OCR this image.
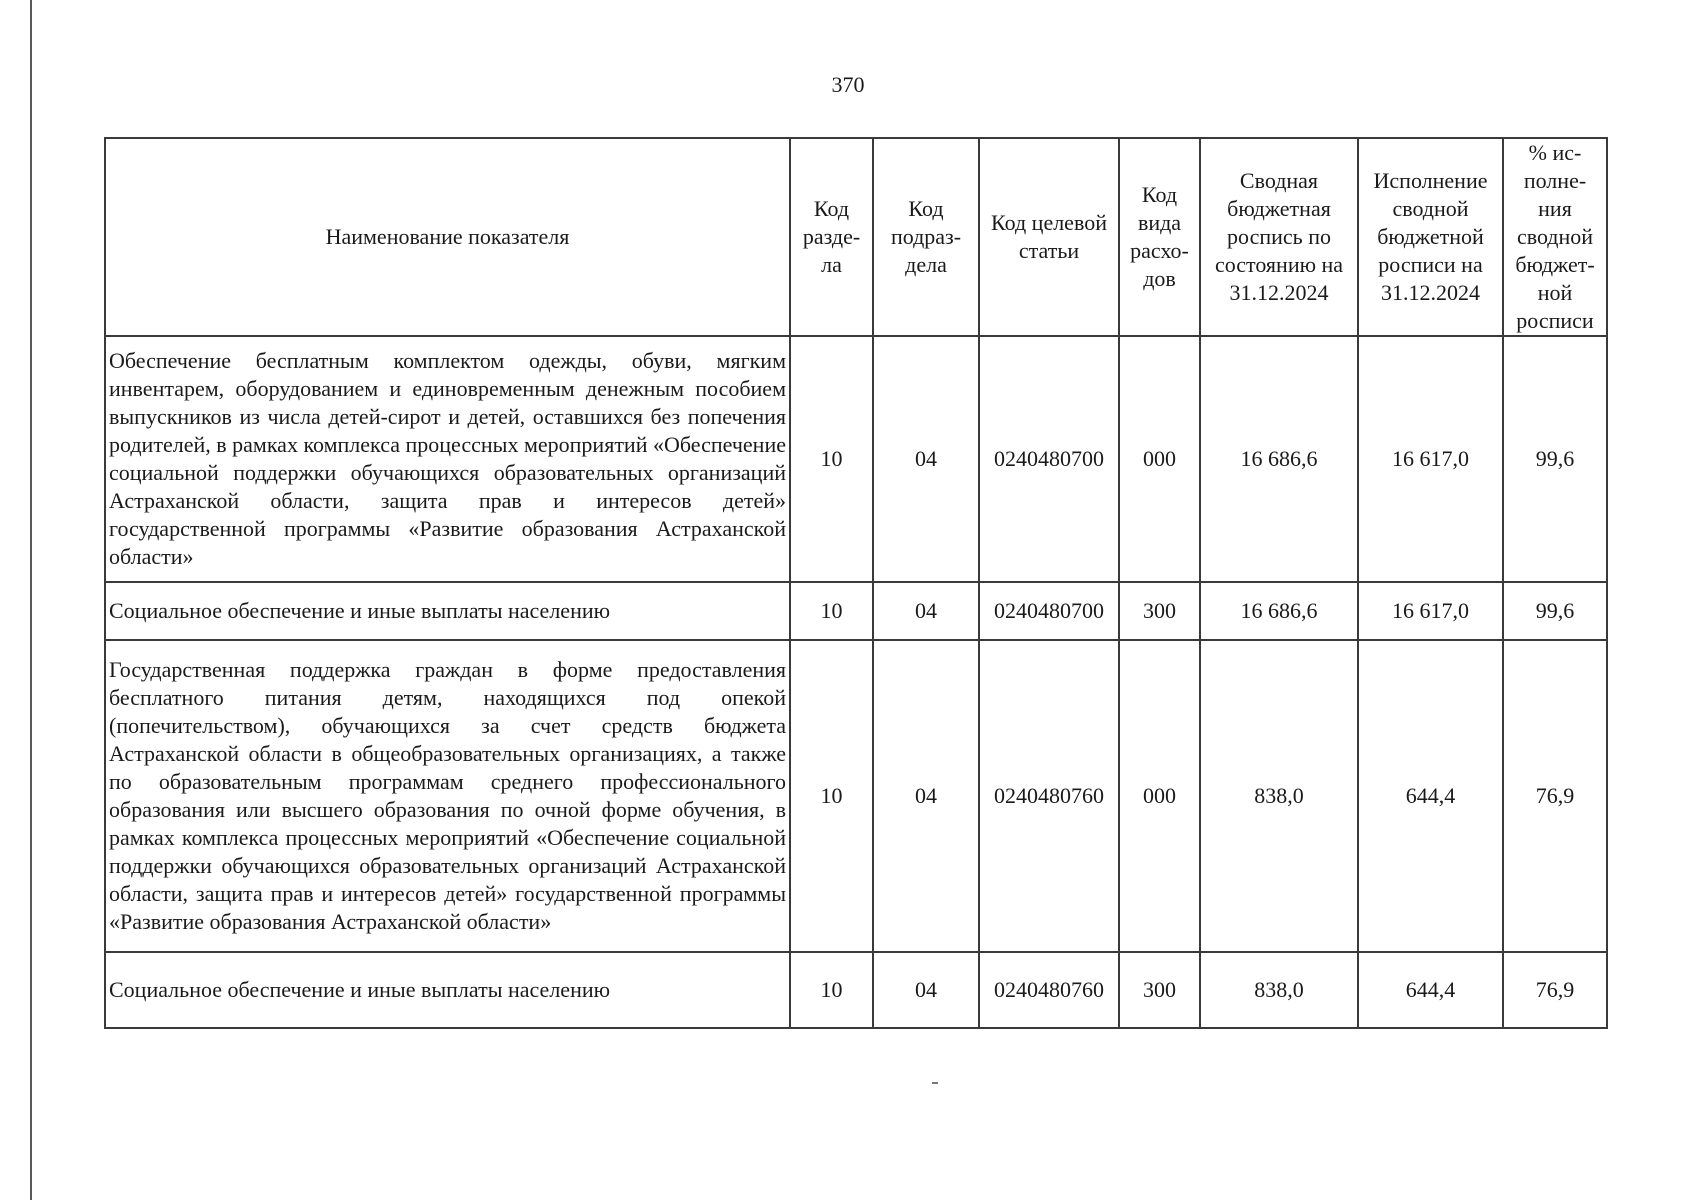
370
Наименование показателя	Код разде- ла	Код подраз- дела	Код целевой статьи	Код вида расхо- дов	Сводная бюджетная роспись по состоянию на 31.12.2024	Исполнение сводной бюджетной росписи на 31.12.2024	% ис- полне- ния сводной бюджет- ной росписи
Обеспечение бесплатным комплектом одежды, обуви, мягким инвентарем, оборудованием и единовременным денежным пособием выпускников из числа детей-сирот и детей, оставшихся без попечения родителей, в рамках комплекса процессных мероприятий «Обеспечение социальной поддержки обучающихся образовательных организаций Астраханской области, защита прав и интересов детей» государственной программы «Развитие образования Астраханской области»	10	04	0240480700	000	16 686,6	16 617,0	99,6
Социальное обеспечение и иные выплаты населению	10	04	0240480700	300	16 686,6	16 617,0	99,6
Государственная поддержка граждан в форме предоставления бесплатного питания детям, находящихся под опекой (попечительством), обучающихся за счет средств бюджета Астраханской области в общеобразовательных организациях, а также по образовательным программам среднего профессионального образования или высшего образования по очной форме обучения, в рамках комплекса процессных мероприятий «Обеспечение социальной поддержки обучающихся образовательных организаций Астраханской области, защита прав и интересов детей» государственной программы «Развитие образования Астраханской области»	10	04	0240480760	000	838,0	644,4	76,9
Социальное обеспечение и иные выплаты населению	10	04	0240480760	300	838,0	644,4	76,9
